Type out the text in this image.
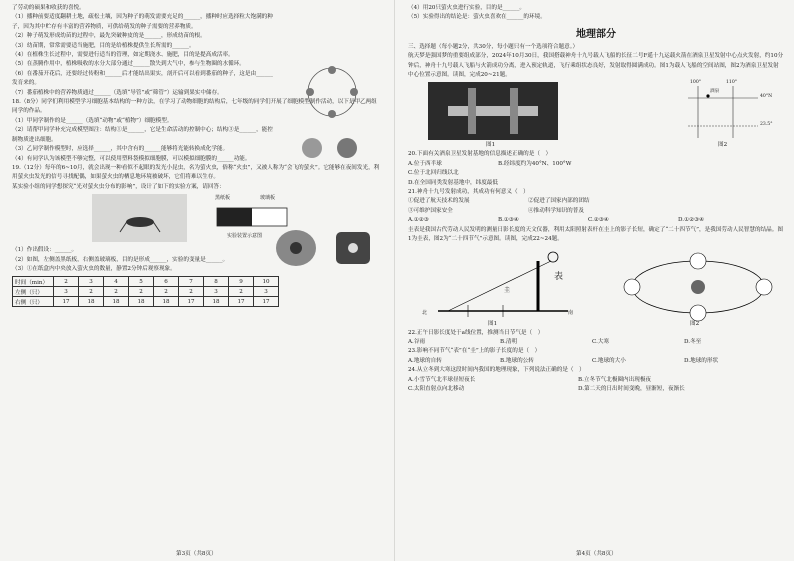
了劳动的硕果和收获的喜悦。

（1）播种前要适度翻耕土地，疏松土壤，因为种子的萌发需要充足的______，播种时应选择粒大饱满的种子，因为其中贮存有丰富的营养物质，可供给萌发的种子需要的营养物质。

（2）种子萌发形成幼苗的过程中，最先突破种皮的是______，形成幼苗的根。

（3）幼苗期，常常需要适当施肥，目的是给植株提供生长所需的______。

（4）在植株生长过程中，需要进行适当的管理，如定期浇水、施肥，目的是提高成活率。

（5）在蒸腾作用中，植株吸收的水分大部分通过______散失到大气中，参与生物圈的水循环。

（6）在番茄开花后，还要经过传粉和______后才能结出果实，剖开后可以看到番茄的种子，这是由______发育来的。

（7）番茄植株中的营养物质通过______（选填“导管”或“筛管”）运输到果实中储存。

18.（8分）同学们利用模型学习细胞基本结构的一种方法，在学习了动物细胞的结构后，七年级的同学们开展了细胞模型制作活动，以下是甲乙两组同学的作品。

（1）甲同学制作的是______（选填“动物”或“植物”）细胞模型。

（2）请帮甲同学补充完成模型图注：结构①是______，它是生命活动的控制中心；结构③是______，能控制物质进出细胞。

（3）乙同学制作模型时，应选择______，其中含有的______能够将光能转换成化学能。

（4）有同学认为该模型不够完整，可以使用塑料袋模拟细胞膜，可以模拟细胞膜的______功能。

19.（12分）每年的6~10月，就会出现一种看似不起眼的发光小昆虫，名为萤火虫，俗称“火虫”，又被人称为“会飞的萤火”。它能够在夜间发光，利用萤火虫发光的信号寻找配偶，如果萤火虫的栖息地环境被破坏，它们将难以生存。

某实验小组的同学想探究“光对萤火虫分布的影响”，设计了如下的实验方案，请回答：

黑纸板	玻璃板
实验装置示意图

（1）作出假设：______。

（2）如图，左侧盖黑纸板，右侧盖玻璃板，目的是形成______，实验的变量是______。

（3）①在纸盒内中央放入萤火虫的数量，静置2分钟后观察现象。

时间（min）	2	3	4	5	6	7	8	9	10
左侧（只）	3	2	2	2	2	2	3	2	3
右侧（只）	17	18	18	18	18	17	18	17	17
第3页（共8页）

（4）用20只萤火虫进行实验，目的是______。

（5）实验得出的结论是：萤火虫喜欢在______的环境。

地理部分

三、选择题（每小题2分，共30分，每小题只有一个选项符合题意。）

航天梦是强国梦的重要组成部分，2024年10月30日，我国搭载神舟十九号载人飞船的长征二号F遥十九运载火箭在酒泉卫星发射中心点火发射，约10分钟后，神舟十九号载人飞船与火箭成功分离，进入预定轨道，飞行乘组状态良好，发射取得圆满成功。图1为载人飞船的空间站图，图2为酒泉卫星发射中心位置示意图。读图，完成20~21题。

图1
100°	110°
40°N
酒泉
23.5°
图2

20.下面有关酒泉卫星发射基地的信息描述正确的是（　）

A.位于西半球	B.经纬度约为40°N、100°W

C.位于北回归线以北

D.在全国同类发射基地中，纬度最低

21.神舟十九号发射成功，其成功有何意义（　）

①促进了航天技术的发展	②促进了国家内部的团结

③可维护国家安全	④推动科学知识的普及

A.①②③	B.①③④	C.②③④	D.①②③④

圭表是我国古代劳动人民发明的测量日影长度的天文仪器，利用太阳照射表杆在圭上的影子长短，确定了“二十四节气”，是我国劳动人民智慧的结晶。图1为圭表，图2为“二十四节气”示意图。读图，完成22~24题。

圭
表
北	南
图1	图2

22.正午日影长度处于a线位置，推测当日节气是（　）

A.谷雨	B.清明	C.大寒	D.冬至

23.影响不同节气“表”在“圭”上的影子长度的是（　）

A.地球的自转	B.地球的公转	C.地球的大小	D.地球的形状

24.从立冬到大寒这段时间内我国的地理现象，下列说法正确的是（　）

A.小雪节气北半球昼短夜长	B.立冬节气北极圈内出现极夜

C.太阳直射点向北移动	D.第二天的日出时间变晚，昼渐短，夜渐长

第4页（共8页）
